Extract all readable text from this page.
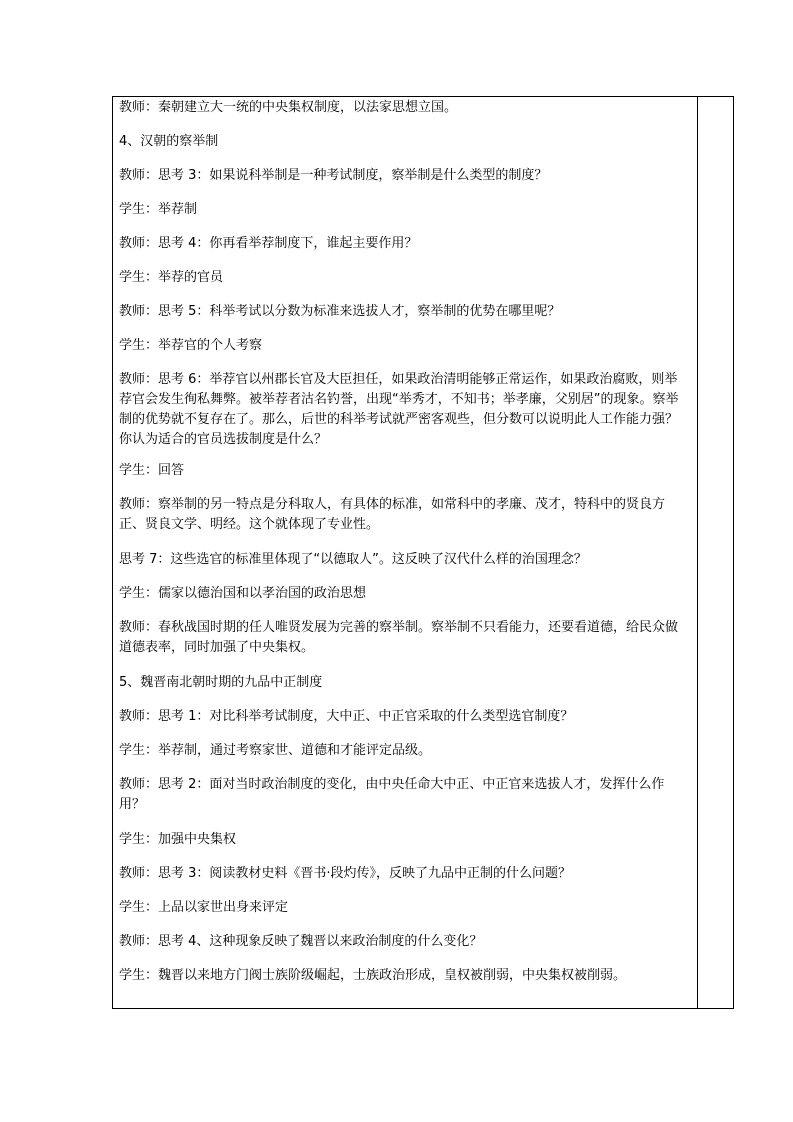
教师：秦朝建立大一统的中央集权制度，以法家思想立国。

4、汉朝的察举制

教师：思考 3：如果说科举制是一种考试制度，察举制是什么类型的制度？

学生：举荐制

教师：思考 4：你再看举荐制度下，谁起主要作用？

学生：举荐的官员

教师：思考 5：科举考试以分数为标准来选拔人才，察举制的优势在哪里呢？

学生：举荐官的个人考察

教师：思考 6：举荐官以州郡长官及大臣担任，如果政治清明能够正常运作，如果政治腐败，则举荐官会发生徇私舞弊。被举荐者沽名钓誉，出现“举秀才，不知书；举孝廉，父别居”的现象。察举制的优势就不复存在了。那么，后世的科举考试就严密客观些，但分数可以说明此人工作能力强？你认为适合的官员选拔制度是什么？

学生：回答

教师：察举制的另一特点是分科取人，有具体的标准，如常科中的孝廉、茂才，特科中的贤良方正、贤良文学、明经。这个就体现了专业性。

思考 7：这些选官的标准里体现了“以德取人”。这反映了汉代什么样的治国理念？

学生：儒家以德治国和以孝治国的政治思想

教师：春秋战国时期的任人唯贤发展为完善的察举制。察举制不只看能力，还要看道德，给民众做道德表率，同时加强了中央集权。

5、魏晋南北朝时期的九品中正制度

教师：思考 1：对比科举考试制度，大中正、中正官采取的什么类型选官制度？

学生：举荐制，通过考察家世、道德和才能评定品级。

教师：思考 2：面对当时政治制度的变化，由中央任命大中正、中正官来选拔人才，发挥什么作用？

学生：加强中央集权

教师：思考 3：阅读教材史料《晋书·段灼传》，反映了九品中正制的什么问题？

学生：上品以家世出身来评定

教师：思考 4、这种现象反映了魏晋以来政治制度的什么变化？

学生：魏晋以来地方门阀士族阶级崛起，士族政治形成，皇权被削弱，中央集权被削弱。
